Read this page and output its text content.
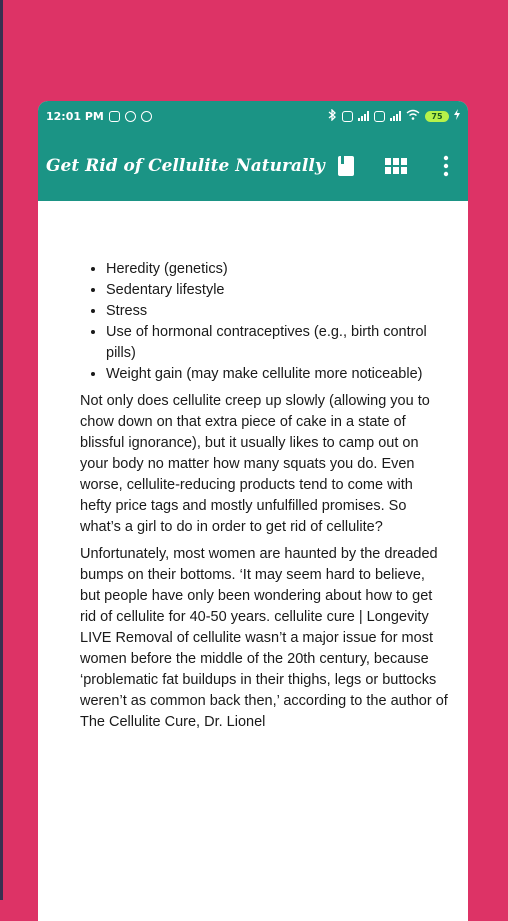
12:01 PM	75
Get Rid of Cellulite Naturally
• Heredity (genetics)
• Sedentary lifestyle
• Stress
• Use of hormonal contraceptives (e.g., birth control pills)
• Weight gain (may make cellulite more noticeable)

Not only does cellulite creep up slowly (allowing you to chow down on that extra piece of cake in a state of blissful ignorance), but it usually likes to camp out on your body no matter how many squats you do. Even worse, cellulite-reducing products tend to come with hefty price tags and mostly unfulfilled promises. So what’s a girl to do in order to get rid of cellulite?

Unfortunately, most women are haunted by the dreaded bumps on their bottoms. ‘It may seem hard to believe, but people have only been wondering about how to get rid of cellulite for 40-50 years. cellulite cure | Longevity LIVE Removal of cellulite wasn’t a major issue for most women before the middle of the 20th century, because ‘problematic fat buildups in their thighs, legs or buttocks weren’t as common back then,’ according to the author of The Cellulite Cure, Dr. Lionel
